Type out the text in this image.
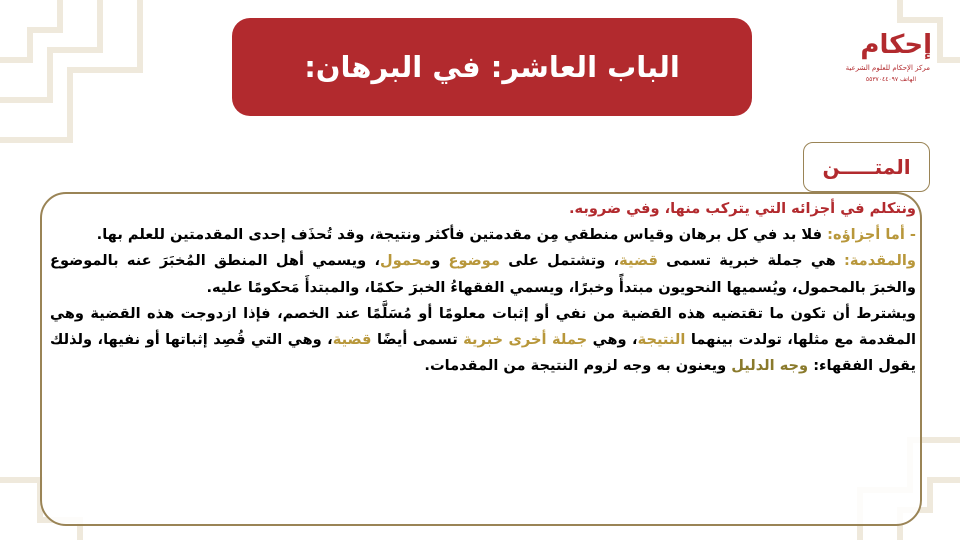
الباب العاشر: في البرهان:
إحكام
مركز الإحكام للعلوم الشرعية
الهاتف ٥٥٣٧٠٤٤٠٩٧
المتـــــن

ونتكلم في أجزائه التي يتركب منها، وفي ضروبه.

- أما أجزاؤه: فلا بد في كل برهان وقياس منطقي مِن مقدمتين فأكثر ونتيجة، وقد تُحذَف إحدى المقدمتين للعلم بها.

والمقدمة: هي جملة خبرية تسمى قضية، وتشتمل على موضوع ومحمول، ويسمي أهل المنطق المُخبَرَ عنه بالموضوع والخبرَ بالمحمول، ويُسميها النحويون مبتدأً وخبرًا، ويسمي الفقهاءُ الخبرَ حكمًا، والمبتدأَ مَحكومًا عليه.

ويشترط أن تكون ما تقتضيه هذه القضية من نفي أو إثبات معلومًا أو مُسَلَّمًا عند الخصم، فإذا ازدوجت هذه القضية وهي المقدمة مع مثلها، تولدت بينهما النتيجة، وهي جملة أخرى خبرية تسمى أيضًا قضية، وهي التي قُصِد إثباتها أو نفيها، ولذلك يقول الفقهاء: وجه الدليل ويعنون به وجه لزوم النتيجة من المقدمات.
